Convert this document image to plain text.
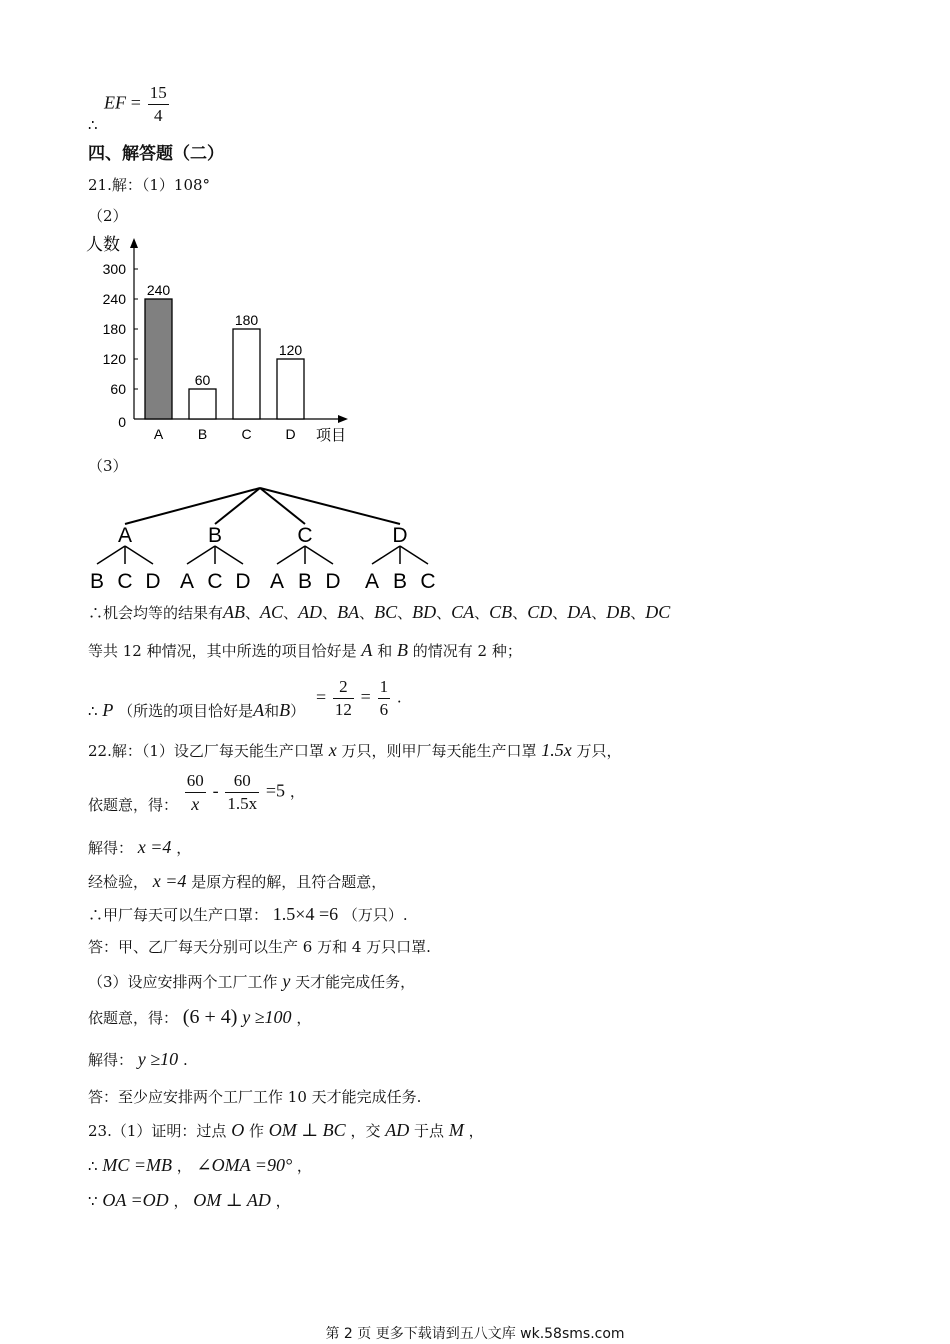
EF = $\frac{15}{4}$
∴
四、解答题（二）
21.解：（1）108°
（2）
人数
项目
0
60
120
180
240
300
240
A
60
B
180
C
120
D
（3）
A
B C D
B
A C D
C
A B D
D
A B C
∴机会均等的结果有AB、AC、AD、BA、BC、BD、CA、CB、CD、DA、DB、DC
等共 12 种情况，其中所选的项目恰好是 A 和 B 的情况有 2 种；
∴ P （所选的项目恰好是A和$B) = \frac{2}{12} = \frac{1}{6}$ .
22.解：（1）设乙厂每天能生产口罩 x 万只，则甲厂每天能生产口罩 1.5x 万只，
依题意，得： $\frac{60}{x} - \frac{60}{1.5x} =5$ ，
解得： x =4 ，
经检验， x =4 是原方程的解，且符合题意，
∴甲厂每天可以生产口罩： 1.5×4 =6 （万只）.
答：甲、乙厂每天分别可以生产 6 万和 4 万只口罩.
（3）设应安排两个工厂工作 y 天才能完成任务，
依题意，得： (6 + 4) y ≥100 ，
解得： y ≥10 .
答：至少应安排两个工厂工作 10 天才能完成任务.
23.（1）证明：过点 O 作 OM ⊥ BC ，交 AD 于点 M ，
∴ MC =MB ， ∠OMA =90° ，
∵ OA =OD ， OM ⊥ AD ，
第 2 页 更多下载请到五八文库 wk.58sms.com
